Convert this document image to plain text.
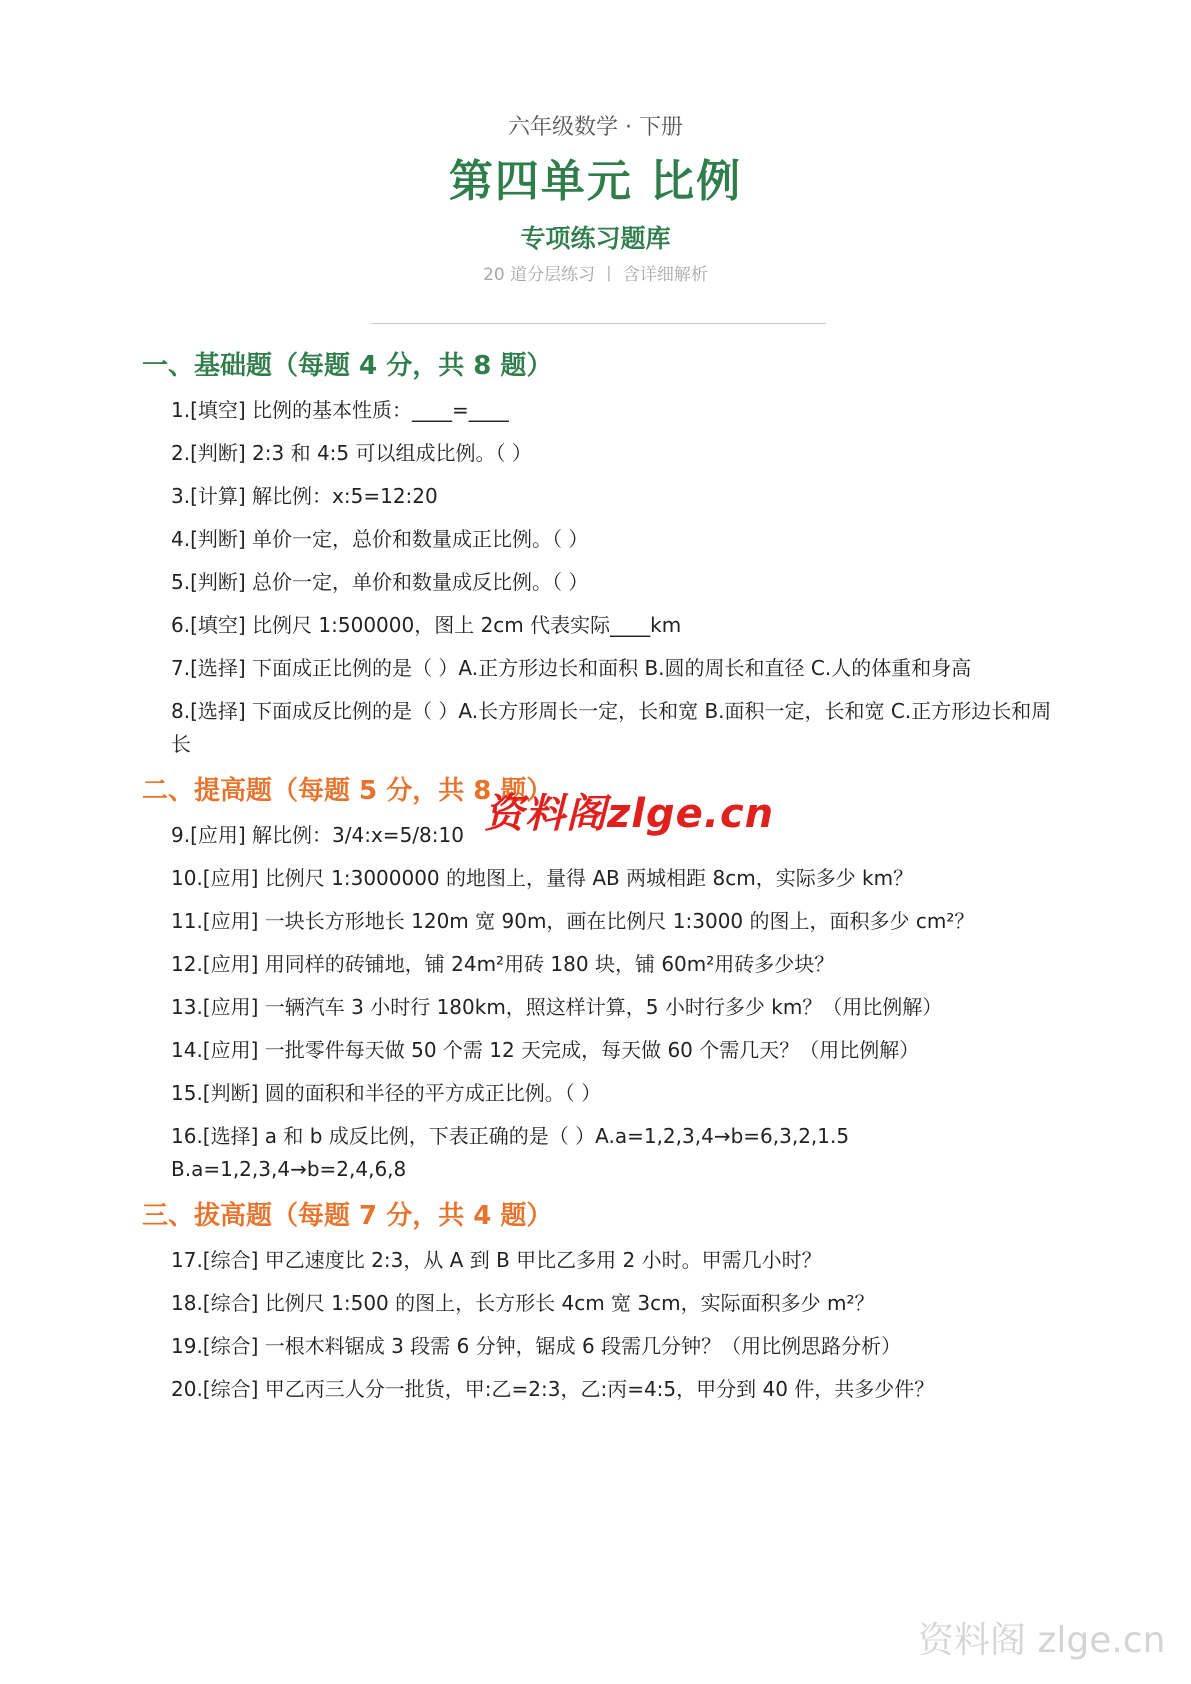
六年级数学 · 下册
第四单元 比例
专项练习题库
20 道分层练习 丨 含详细解析
一、基础题（每题 4 分，共 8 题）
1.[填空] 比例的基本性质：____=____
2.[判断] 2:3 和 4:5 可以组成比例。（ ）
3.[计算] 解比例：x:5=12:20
4.[判断] 单价一定，总价和数量成正比例。（ ）
5.[判断] 总价一定，单价和数量成反比例。（ ）
6.[填空] 比例尺 1:500000，图上 2cm 代表实际____km
7.[选择] 下面成正比例的是（ ）A.正方形边长和面积 B.圆的周长和直径 C.人的体重和身高
8.[选择] 下面成反比例的是（ ）A.长方形周长一定，长和宽 B.面积一定，长和宽 C.正方形边长和周长
二、提高题（每题 5 分，共 8 题）
9.[应用] 解比例：3/4:x=5/8:10
10.[应用] 比例尺 1:3000000 的地图上，量得 AB 两城相距 8cm，实际多少 km？
11.[应用] 一块长方形地长 120m 宽 90m，画在比例尺 1:3000 的图上，面积多少 cm²？
12.[应用] 用同样的砖铺地，铺 24m²用砖 180 块，铺 60m²用砖多少块？
13.[应用] 一辆汽车 3 小时行 180km，照这样计算，5 小时行多少 km？（用比例解）
14.[应用] 一批零件每天做 50 个需 12 天完成，每天做 60 个需几天？（用比例解）
15.[判断] 圆的面积和半径的平方成正比例。（ ）
16.[选择] a 和 b 成反比例，下表正确的是（ ）A.a=1,2,3,4→b=6,3,2,1.5 B.a=1,2,3,4→b=2,4,6,8
三、拔高题（每题 7 分，共 4 题）
17.[综合] 甲乙速度比 2:3，从 A 到 B 甲比乙多用 2 小时。甲需几小时？
18.[综合] 比例尺 1:500 的图上，长方形长 4cm 宽 3cm，实际面积多少 m²？
19.[综合] 一根木料锯成 3 段需 6 分钟，锯成 6 段需几分钟？（用比例思路分析）
20.[综合] 甲乙丙三人分一批货，甲:乙=2:3，乙:丙=4:5，甲分到 40 件，共多少件？
资料阁zlge.cn
资料阁 zlge.cn
